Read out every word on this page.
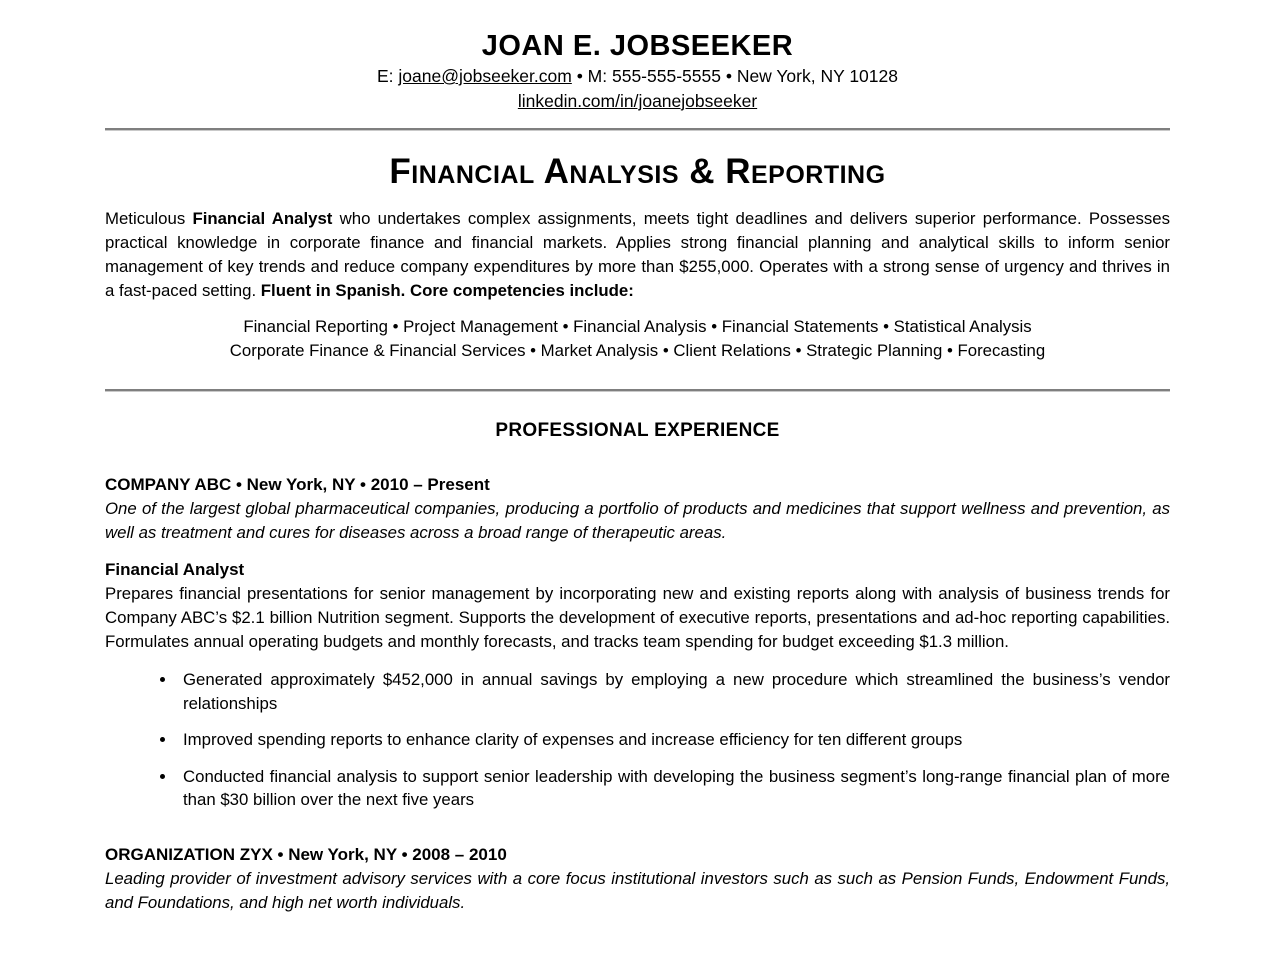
JOAN E. JOBSEEKER

E: joane@jobseeker.com • M: 555-555-5555 • New York, NY 10128

linkedin.com/in/joanejobseeker

Financial Analysis & Reporting

Meticulous Financial Analyst who undertakes complex assignments, meets tight deadlines and delivers superior performance. Possesses practical knowledge in corporate finance and financial markets. Applies strong financial planning and analytical skills to inform senior management of key trends and reduce company expenditures by more than $255,000. Operates with a strong sense of urgency and thrives in a fast-paced setting. Fluent in Spanish. Core competencies include:

Financial Reporting • Project Management • Financial Analysis • Financial Statements • Statistical Analysis

Corporate Finance & Financial Services • Market Analysis • Client Relations • Strategic Planning • Forecasting

PROFESSIONAL EXPERIENCE

COMPANY ABC • New York, NY • 2010 – Present

One of the largest global pharmaceutical companies, producing a portfolio of products and medicines that support wellness and prevention, as well as treatment and cures for diseases across a broad range of therapeutic areas.

Financial Analyst

Prepares financial presentations for senior management by incorporating new and existing reports along with analysis of business trends for Company ABC’s $2.1 billion Nutrition segment. Supports the development of executive reports, presentations and ad-hoc reporting capabilities. Formulates annual operating budgets and monthly forecasts, and tracks team spending for budget exceeding $1.3 million.

• Generated approximately $452,000 in annual savings by employing a new procedure which streamlined the business’s vendor relationships
• Improved spending reports to enhance clarity of expenses and increase efficiency for ten different groups
• Conducted financial analysis to support senior leadership with developing the business segment’s long-range financial plan of more than $30 billion over the next five years

ORGANIZATION ZYX • New York, NY • 2008 – 2010

Leading provider of investment advisory services with a core focus institutional investors such as such as Pension Funds, Endowment Funds, and Foundations, and high net worth individuals.
